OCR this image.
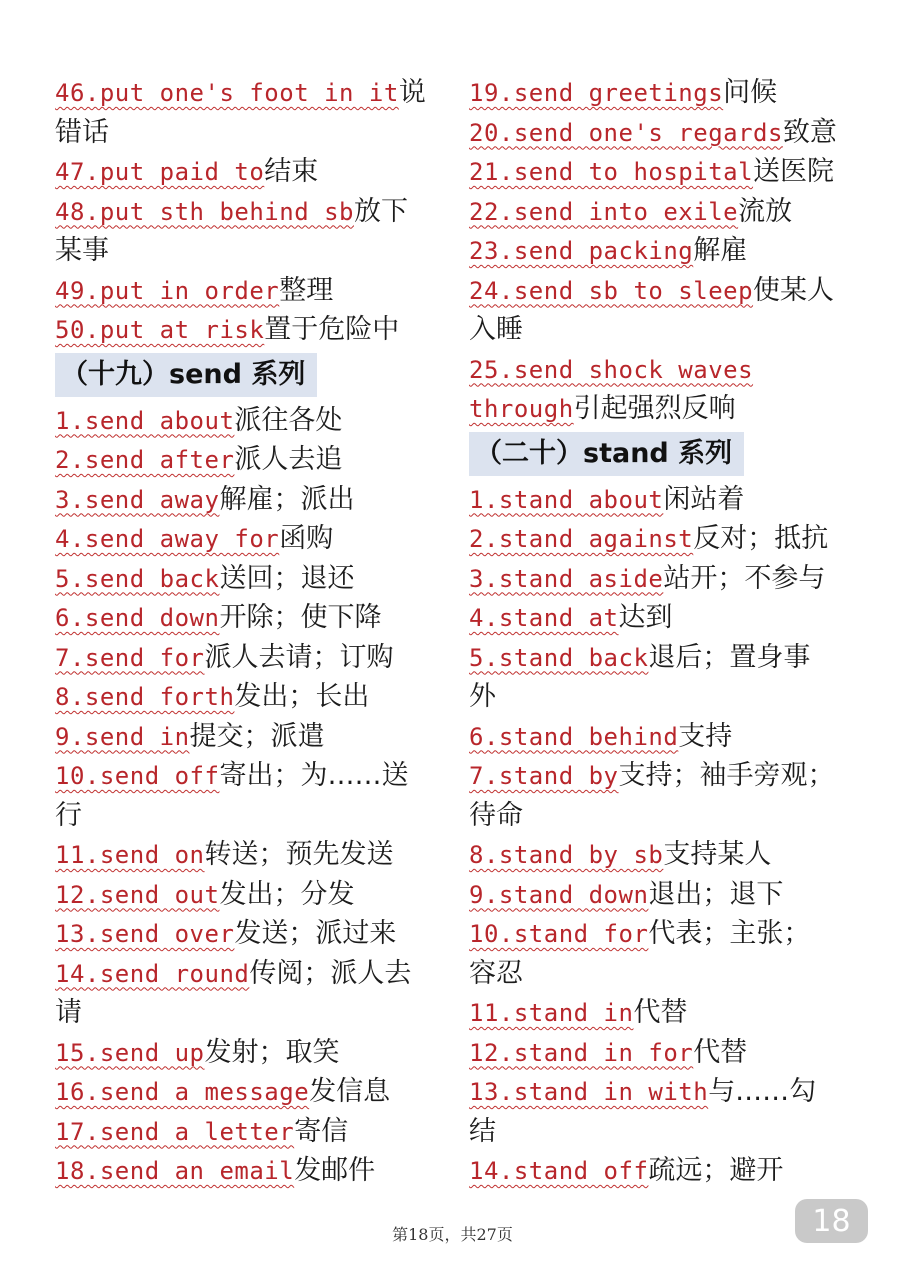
46.put one's foot in it说
错话
47.put paid to结束
48.put sth behind sb放下
某事
49.put in order整理
50.put at risk置于危险中
（十九）send 系列
1.send about派往各处
2.send after派人去追
3.send away解雇；派出
4.send away for函购
5.send back送回；退还
6.send down开除；使下降
7.send for派人去请；订购
8.send forth发出；长出
9.send in提交；派遣
10.send off寄出；为……送
行
11.send on转送；预先发送
12.send out发出；分发
13.send over发送；派过来
14.send round传阅；派人去
请
15.send up发射；取笑
16.send a message发信息
17.send a letter寄信
18.send an email发邮件
19.send greetings问候
20.send one's regards致意
21.send to hospital送医院
22.send into exile流放
23.send packing解雇
24.send sb to sleep使某人
入睡
25.send shock waves
through引起强烈反响
（二十）stand 系列
1.stand about闲站着
2.stand against反对；抵抗
3.stand aside站开；不参与
4.stand at达到
5.stand back退后；置身事
外
6.stand behind支持
7.stand by支持；袖手旁观；
待命
8.stand by sb支持某人
9.stand down退出；退下
10.stand for代表；主张；
容忍
11.stand in代替
12.stand in for代替
13.stand in with与……勾
结
14.stand off疏远；避开
第18页，共27页	18
